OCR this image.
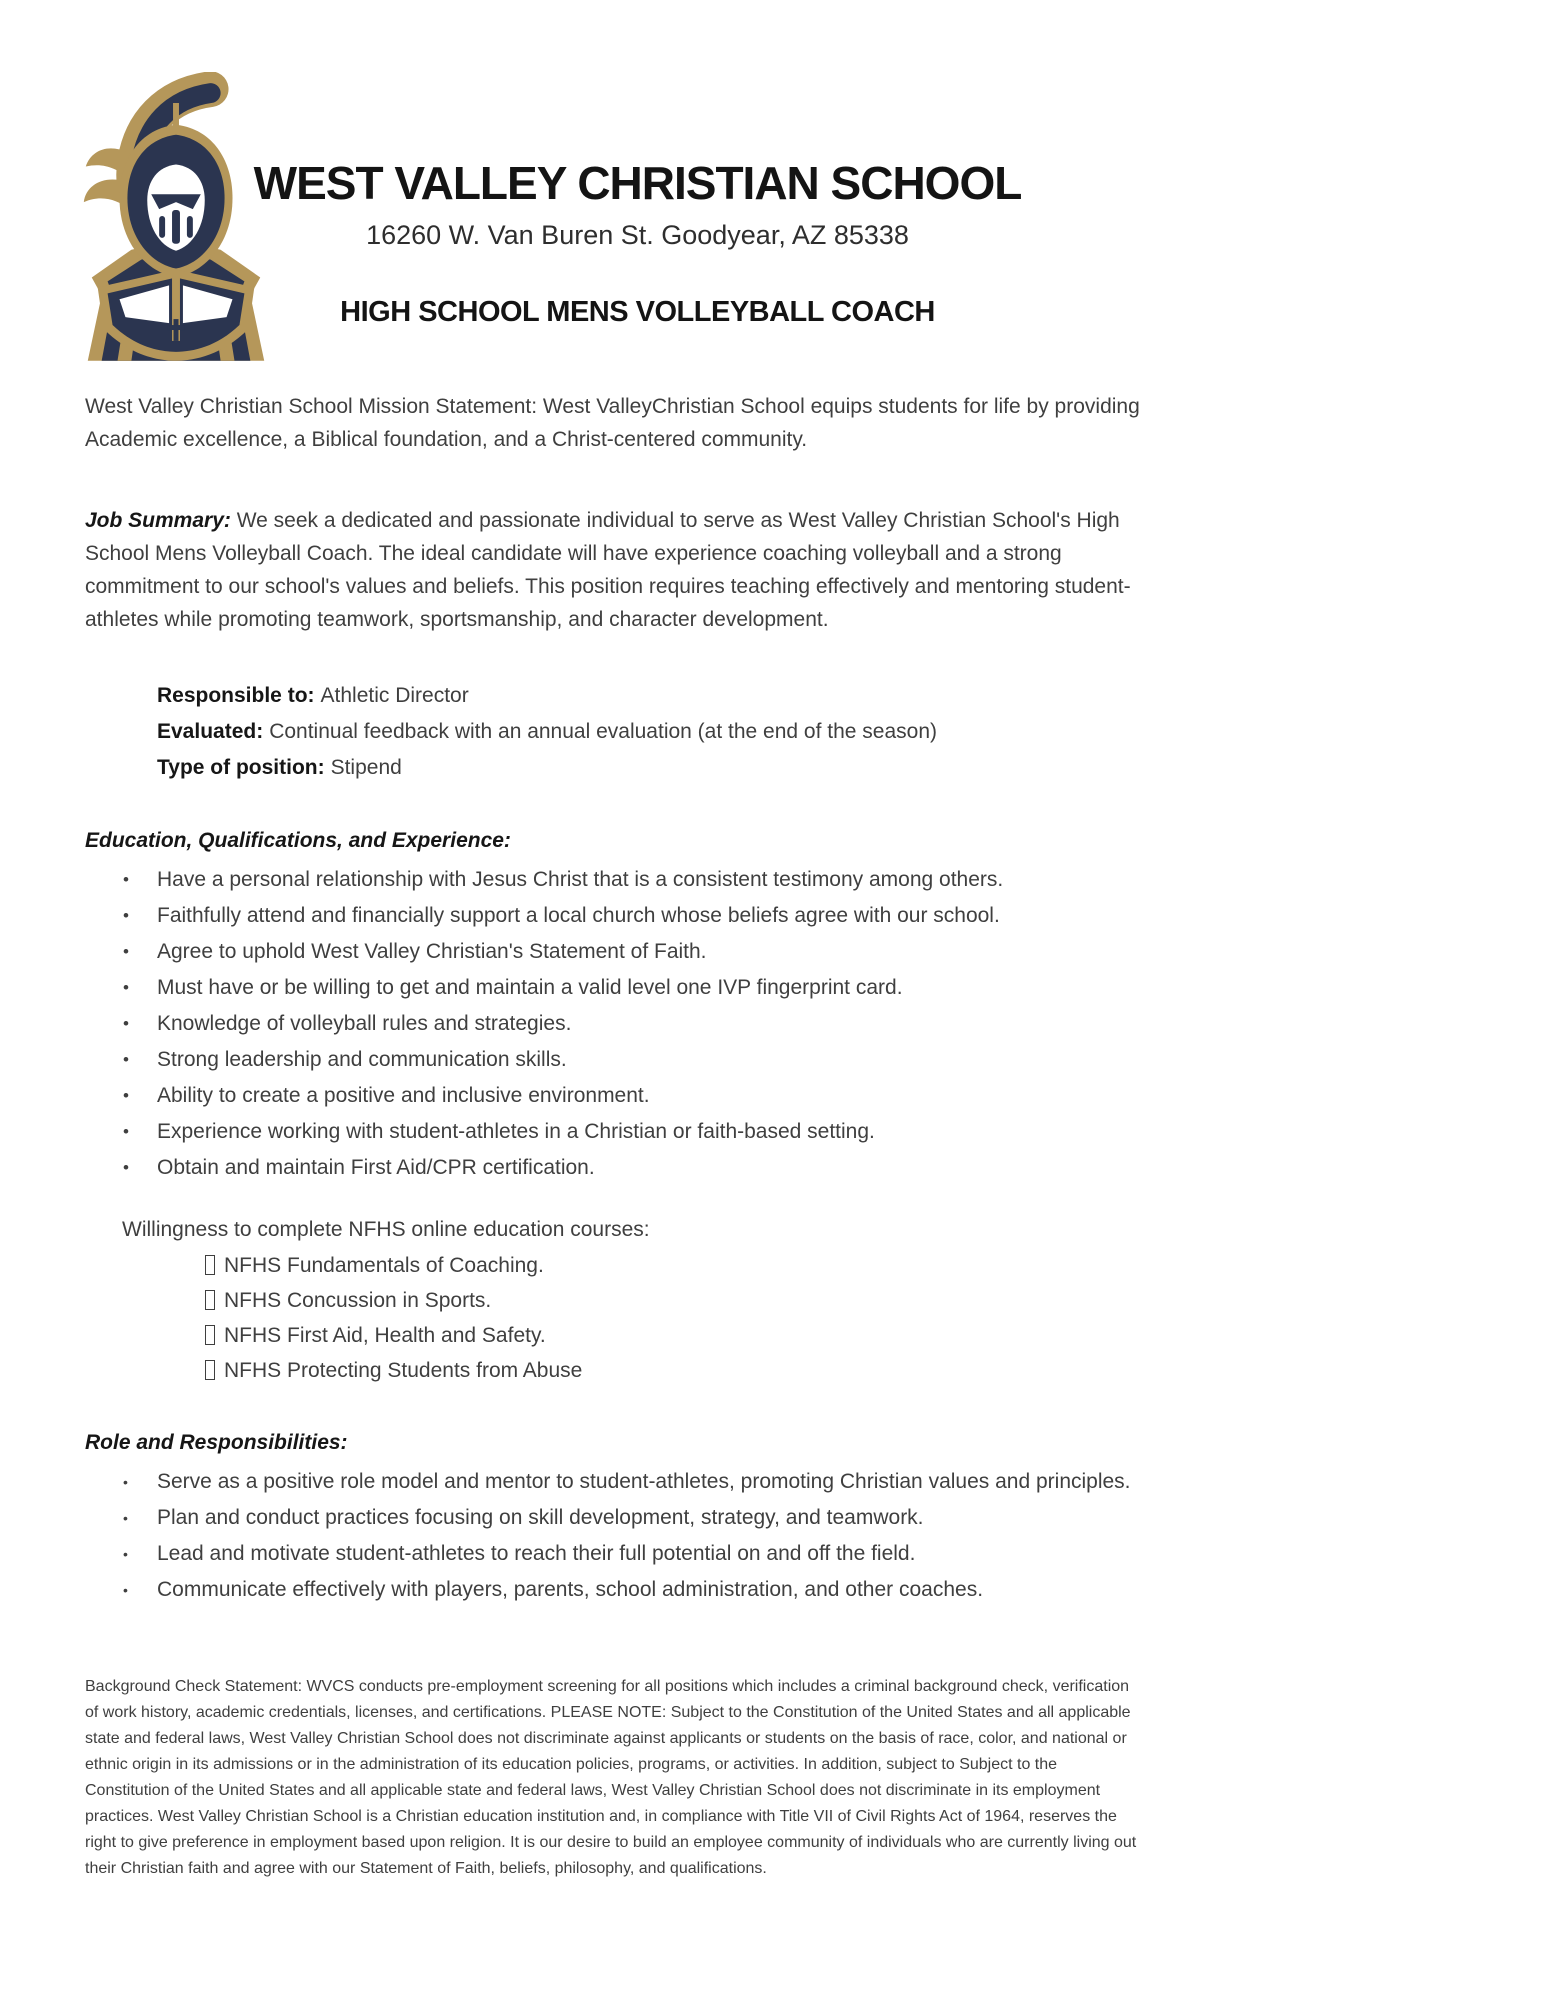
WEST VALLEY CHRISTIAN SCHOOL
16260 W. Van Buren St. Goodyear, AZ 85338
HIGH SCHOOL MENS VOLLEYBALL COACH

West Valley Christian School Mission Statement: West ValleyChristian School equips students for life by providing Academic excellence, a Biblical foundation, and a Christ-centered community.

Job Summary: We seek a dedicated and passionate individual to serve as West Valley Christian School's High School Mens Volleyball Coach. The ideal candidate will have experience coaching volleyball and a strong commitment to our school's values and beliefs. This position requires teaching effectively and mentoring student-athletes while promoting teamwork, sportsmanship, and character development.

Responsible to: Athletic Director
Evaluated: Continual feedback with an annual evaluation (at the end of the season)
Type of position: Stipend
Education, Qualifications, and Experience:
• Have a personal relationship with Jesus Christ that is a consistent testimony among others.
• Faithfully attend and financially support a local church whose beliefs agree with our school.
• Agree to uphold West Valley Christian's Statement of Faith.
• Must have or be willing to get and maintain a valid level one IVP fingerprint card.
• Knowledge of volleyball rules and strategies.
• Strong leadership and communication skills.
• Ability to create a positive and inclusive environment.
• Experience working with student-athletes in a Christian or faith-based setting.
• Obtain and maintain First Aid/CPR certification.
Willingness to complete NFHS online education courses:
NFHS Fundamentals of Coaching.
NFHS Concussion in Sports.
NFHS First Aid, Health and Safety.
NFHS Protecting Students from Abuse
Role and Responsibilities:
• Serve as a positive role model and mentor to student-athletes, promoting Christian values and principles.
• Plan and conduct practices focusing on skill development, strategy, and teamwork.
• Lead and motivate student-athletes to reach their full potential on and off the field.
• Communicate effectively with players, parents, school administration, and other coaches.

Background Check Statement: WVCS conducts pre-employment screening for all positions which includes a criminal background check, verification of work history, academic credentials, licenses, and certifications. PLEASE NOTE: Subject to the Constitution of the United States and all applicable state and federal laws, West Valley Christian School does not discriminate against applicants or students on the basis of race, color, and national or ethnic origin in its admissions or in the administration of its education policies, programs, or activities. In addition, subject to Subject to the Constitution of the United States and all applicable state and federal laws, West Valley Christian School does not discriminate in its employment practices. West Valley Christian School is a Christian education institution and, in compliance with Title VII of Civil Rights Act of 1964, reserves the right to give preference in employment based upon religion. It is our desire to build an employee community of individuals who are currently living out their Christian faith and agree with our Statement of Faith, beliefs, philosophy, and qualifications.
